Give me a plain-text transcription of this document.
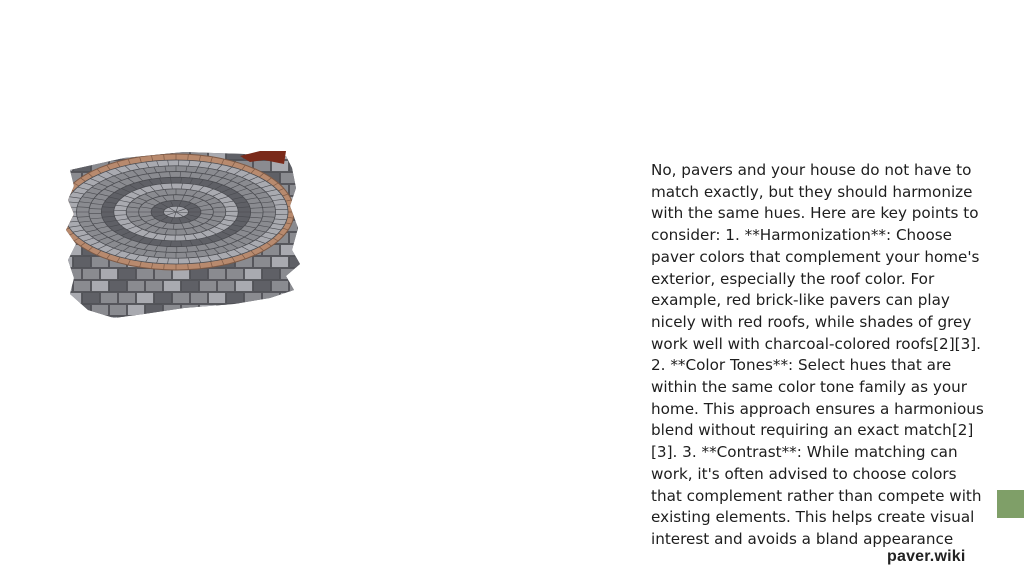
No, pavers and your house do not have to match exactly, but they should harmonize with the same hues. Here are key points to consider: 1. **Harmonization**: Choose paver colors that complement your home's exterior, especially the roof color. For example, red brick-like pavers can play nicely with red roofs, while shades of grey work well with charcoal-colored roofs[2][3]. 2. **Color Tones**: Select hues that are within the same color tone family as your home. This approach ensures a harmonious blend without requiring an exact match[2][3]. 3. **Contrast**: While matching can work, it's often advised to choose colors that complement rather than compete with existing elements. This helps create visual interest and avoids a bland appearance

paver.wiki
